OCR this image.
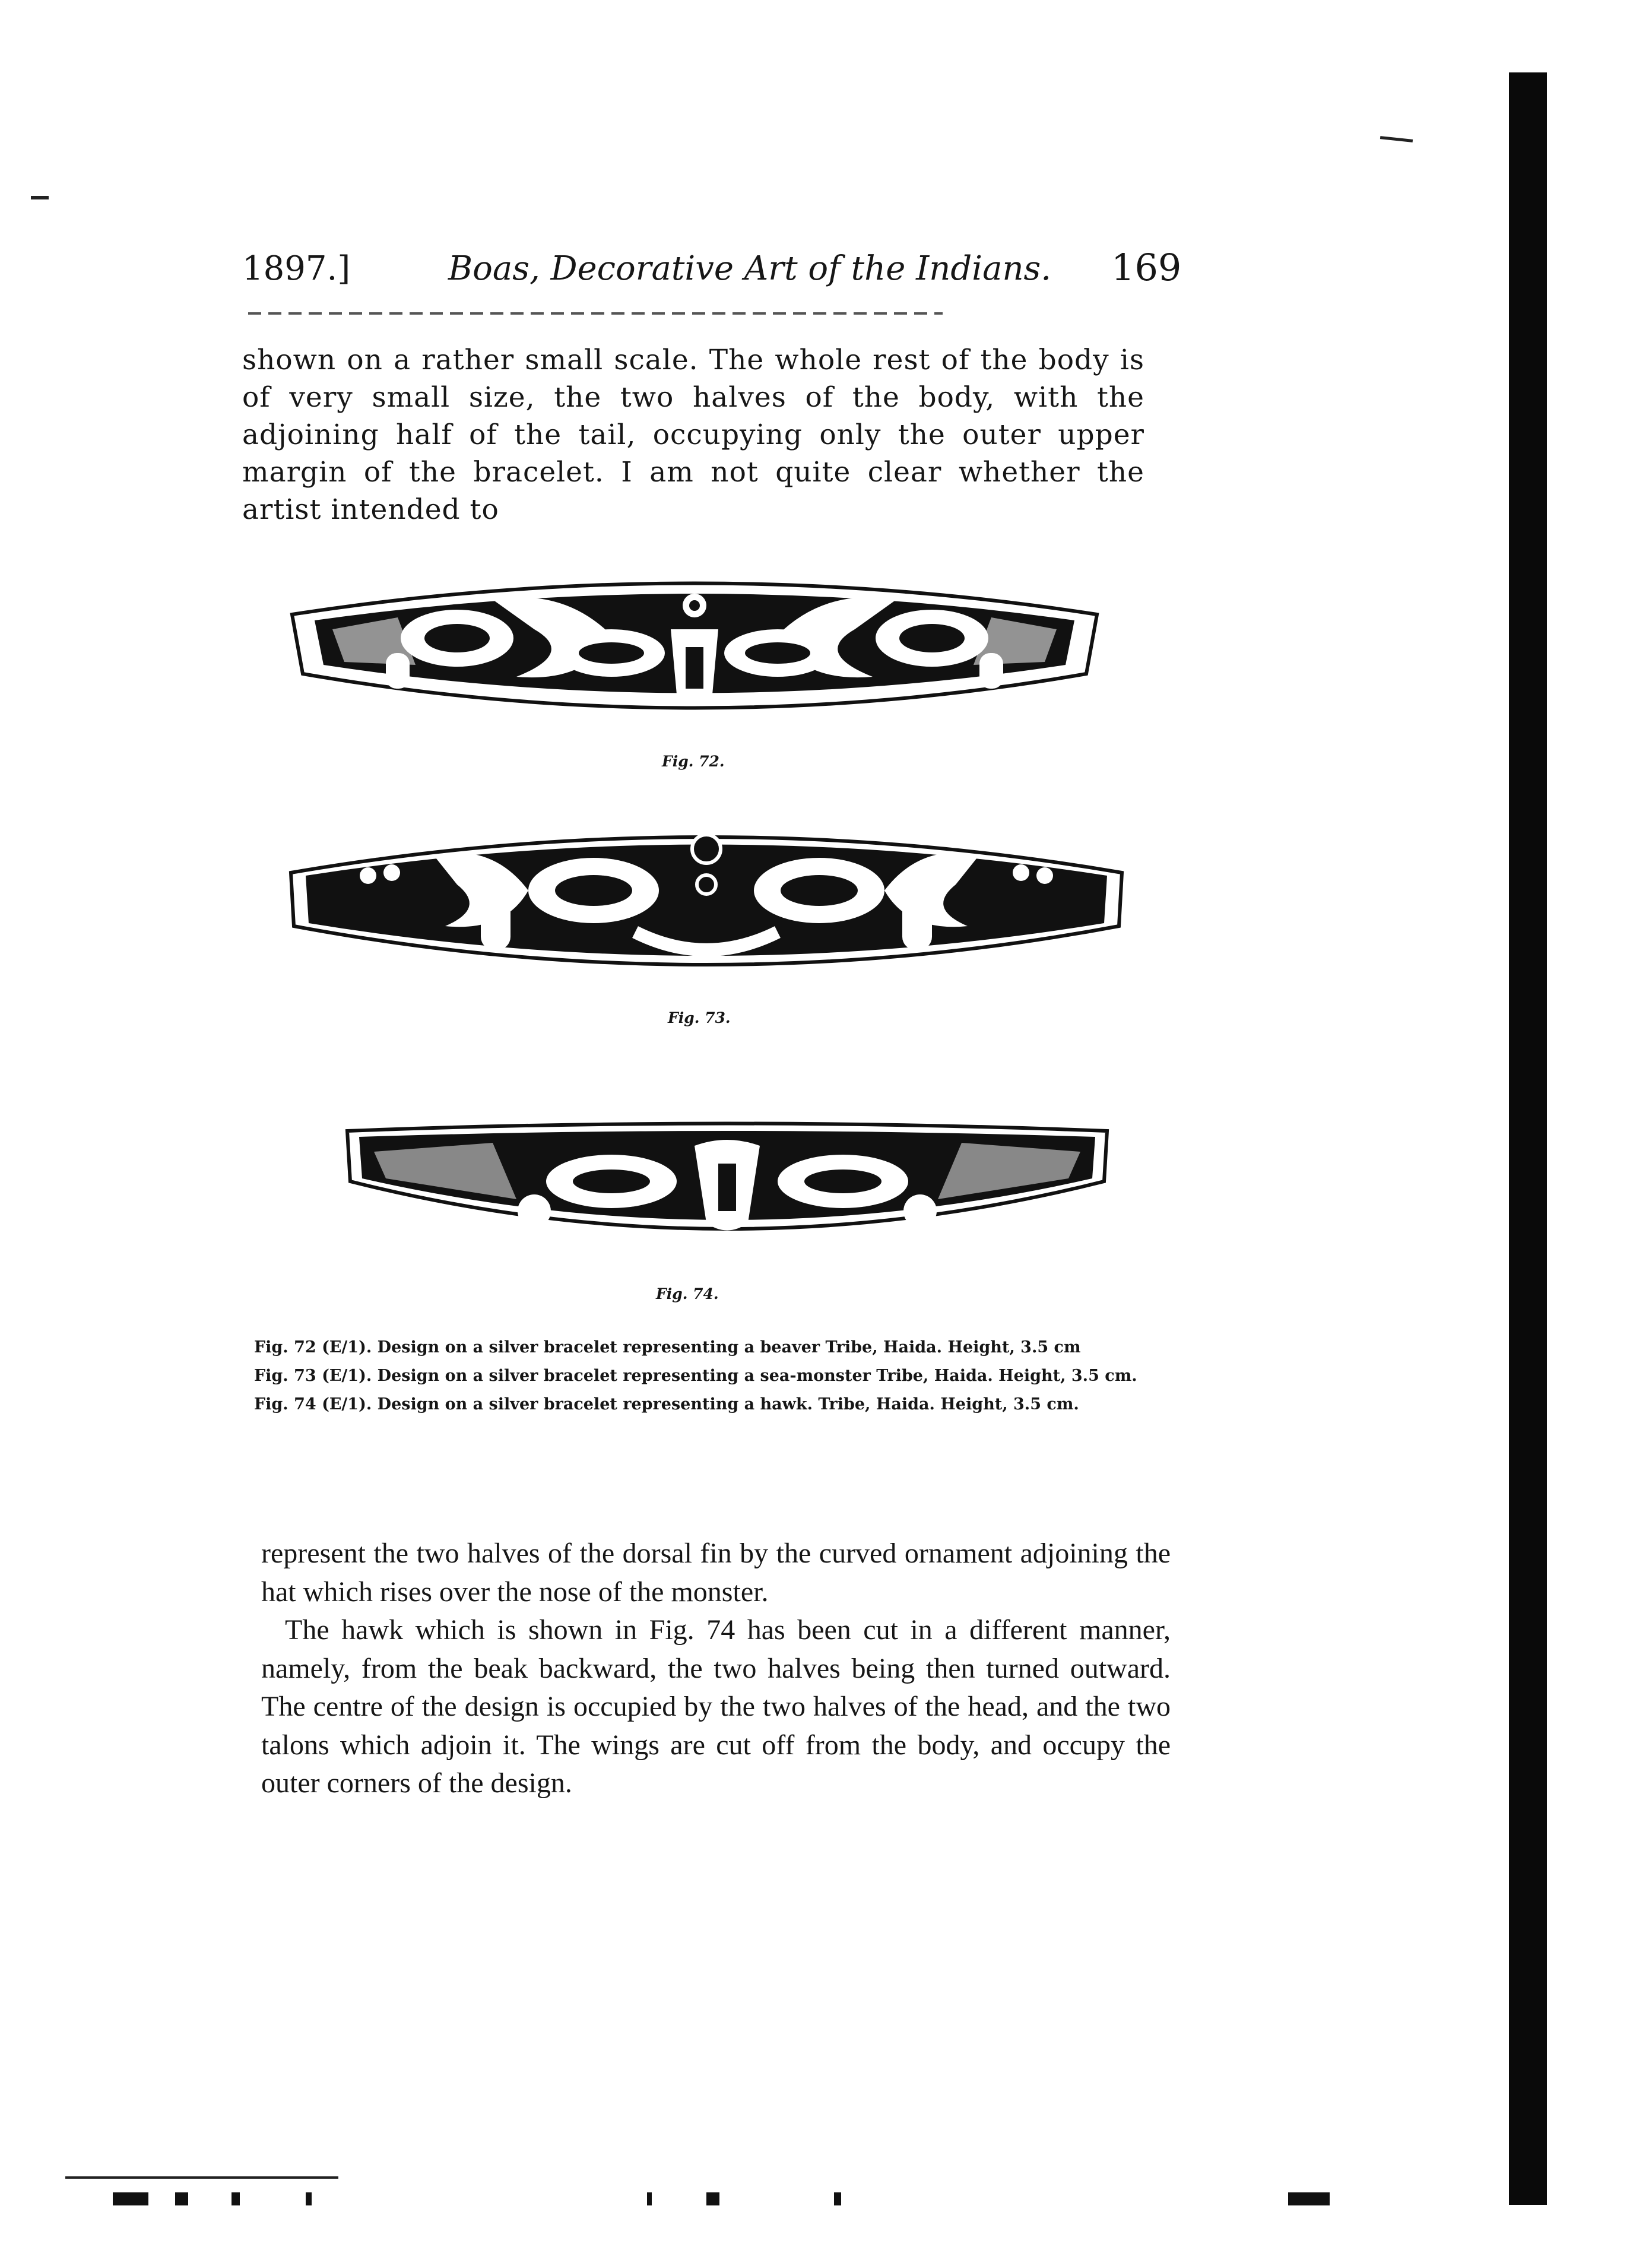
1897.]	Boas, Decorative Art of the Indians. 169

shown on a rather small scale. The whole rest of the body is of very small size, the two halves of the body, with the adjoining half of the tail, occupying only the outer upper margin of the bracelet. I am not quite clear whether the artist intended to

Fig. 72.
Fig. 73.
Fig. 74.

Fig. 72 (E/1). Design on a silver bracelet representing a beaver Tribe, Haida. Height, 3.5 cm

Fig. 73 (E/1). Design on a silver bracelet representing a sea-monster Tribe, Haida. Height, 3.5 cm.

Fig. 74 (E/1). Design on a silver bracelet representing a hawk. Tribe, Haida. Height, 3.5 cm.

represent the two halves of the dorsal fin by the curved ornament adjoining the hat which rises over the nose of the monster.

The hawk which is shown in Fig. 74 has been cut in a different manner, namely, from the beak backward, the two halves being then turned outward. The centre of the design is occupied by the two halves of the head, and the two talons which adjoin it. The wings are cut off from the body, and occupy the outer corners of the design.
